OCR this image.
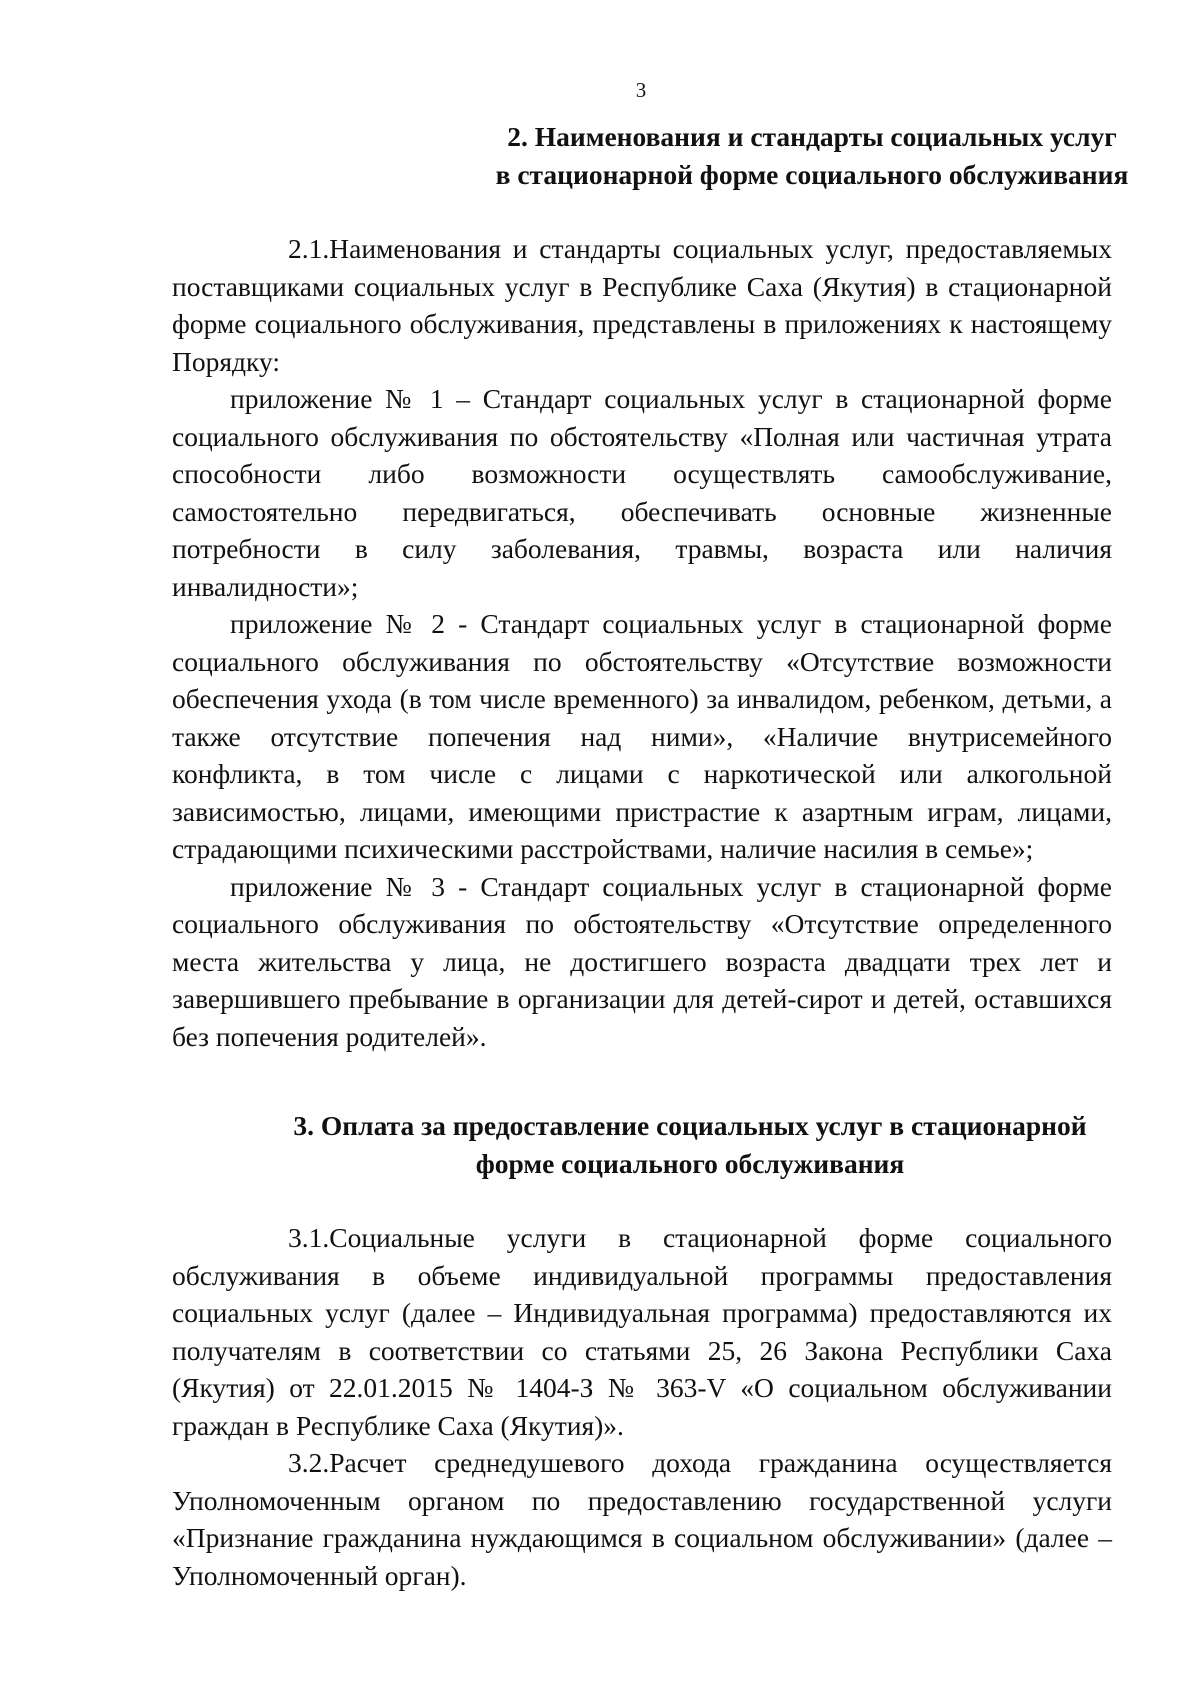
3
2. Наименования и стандарты социальных услуг
в стационарной форме социального обслуживания

2.1.Наименования и стандарты социальных услуг, предоставляемых поставщиками социальных услуг в Республике Саха (Якутия) в стационарной форме социального обслуживания, представлены в приложениях к настоящему Порядку:

приложение № 1 – Стандарт социальных услуг в стационарной форме социального обслуживания по обстоятельству «Полная или частичная утрата способности либо возможности осуществлять самообслуживание, самостоятельно передвигаться, обеспечивать основные жизненные потребности в силу заболевания, травмы, возраста или наличия инвалидности»;

приложение № 2 - Стандарт социальных услуг в стационарной форме социального обслуживания по обстоятельству «Отсутствие возможности обеспечения ухода (в том числе временного) за инвалидом, ребенком, детьми, а также отсутствие попечения над ними», «Наличие внутрисемейного конфликта, в том числе с лицами с наркотической или алкогольной зависимостью, лицами, имеющими пристрастие к азартным играм, лицами, страдающими психическими расстройствами, наличие насилия в семье»;

приложение № 3 - Стандарт социальных услуг в стационарной форме социального обслуживания по обстоятельству «Отсутствие определенного места жительства у лица, не достигшего возраста двадцати трех лет и завершившего пребывание в организации для детей-сирот и детей, оставшихся без попечения родителей».

3. Оплата за предоставление социальных услуг в стационарной
форме социального обслуживания

3.1.Социальные услуги в стационарной форме социального обслуживания в объеме индивидуальной программы предоставления социальных услуг (далее – Индивидуальная программа) предоставляются их получателям в соответствии со статьями 25, 26 Закона Республики Саха (Якутия) от 22.01.2015 № 1404-З № 363-V «О социальном обслуживании граждан в Республике Саха (Якутия)».

3.2.Расчет среднедушевого дохода гражданина осуществляется Уполномоченным органом по предоставлению государственной услуги «Признание гражданина нуждающимся в социальном обслуживании» (далее – Уполномоченный орган).
